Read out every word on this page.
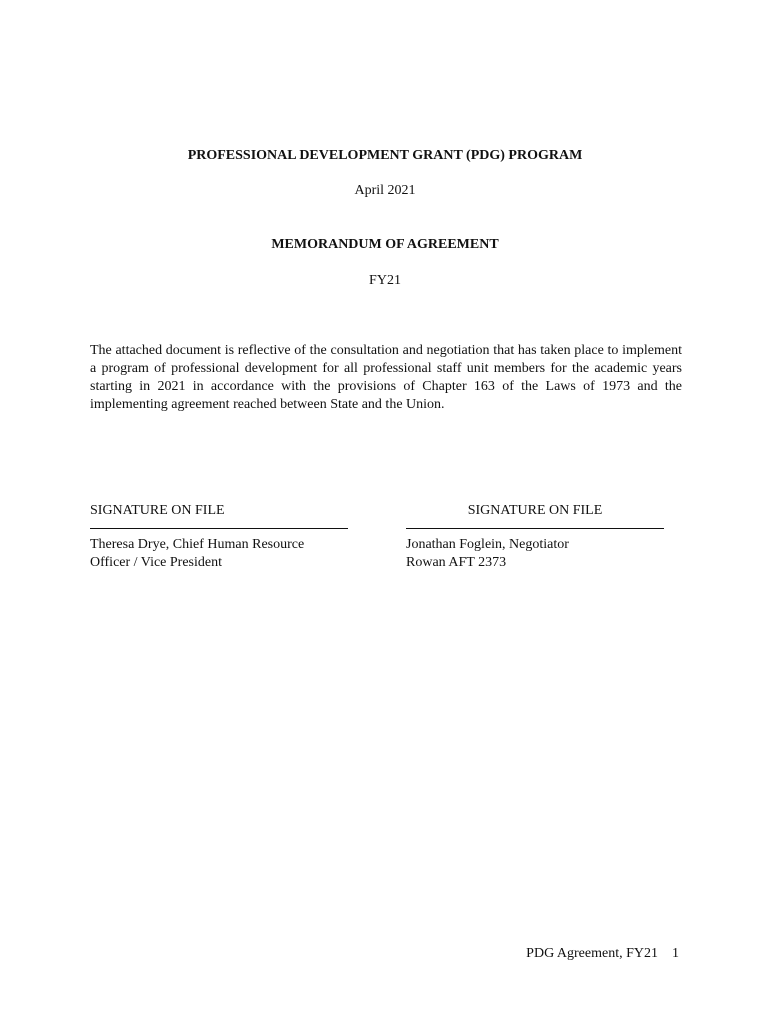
PROFESSIONAL DEVELOPMENT GRANT (PDG) PROGRAM
April 2021
MEMORANDUM OF AGREEMENT
FY21
The attached document is reflective of the consultation and negotiation that has taken place to implement a program of professional development for all professional staff unit members for the academic years starting in 2021 in accordance with the provisions of Chapter 163 of the Laws of 1973 and the implementing agreement reached between State and the Union.
SIGNATURE ON FILE
Theresa Drye, Chief Human Resource
Officer / Vice President
SIGNATURE ON FILE
Jonathan Foglein, Negotiator
Rowan AFT 2373
PDG Agreement, FY21 1
